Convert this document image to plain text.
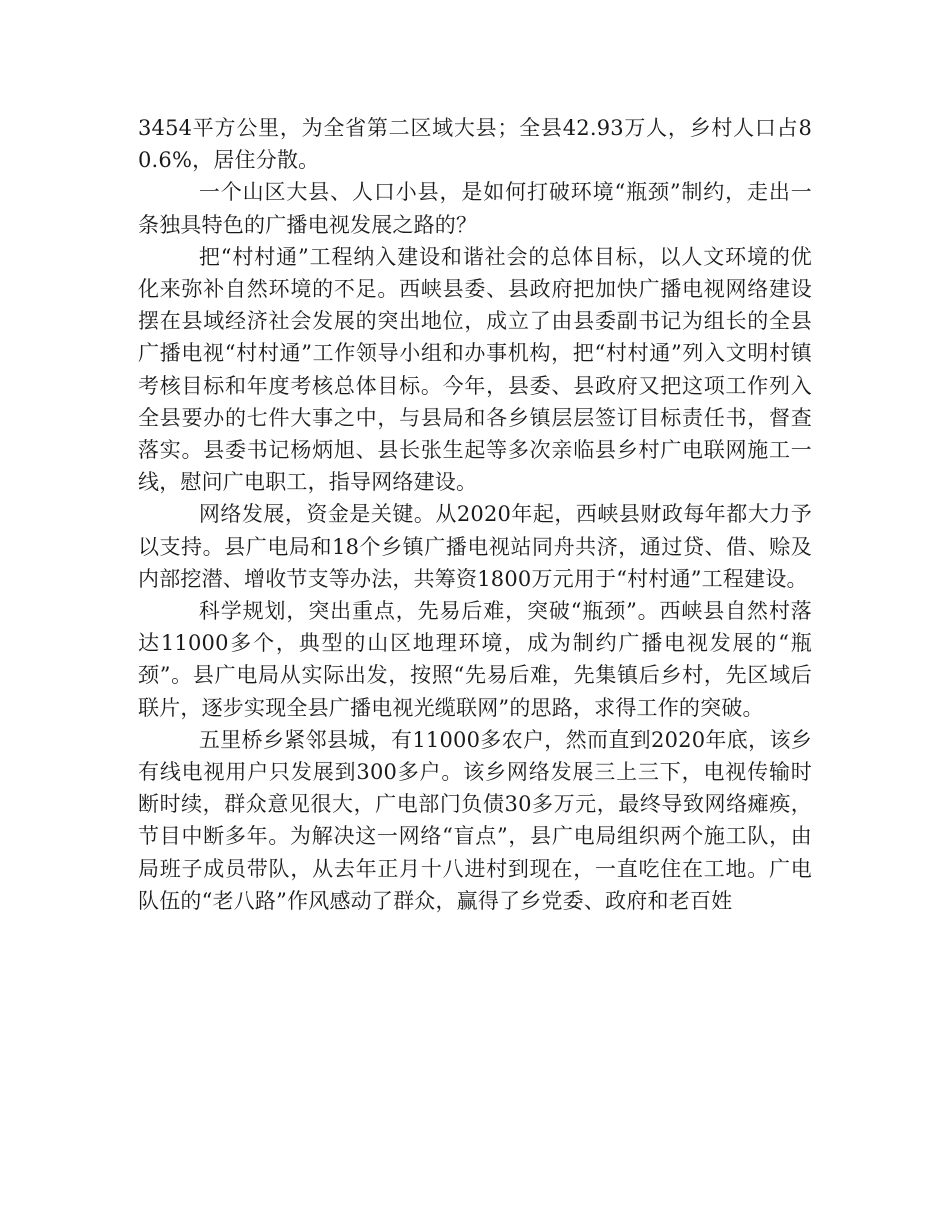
3454平方公里，为全省第二区域大县；全县42.93万人，乡村人口占80.6%，居住分散。

一个山区大县、人口小县，是如何打破环境“瓶颈”制约，走出一条独具特色的广播电视发展之路的？

把“村村通”工程纳入建设和谐社会的总体目标，以人文环境的优化来弥补自然环境的不足。西峡县委、县政府把加快广播电视网络建设摆在县域经济社会发展的突出地位，成立了由县委副书记为组长的全县广播电视“村村通”工作领导小组和办事机构，把“村村通”列入文明村镇考核目标和年度考核总体目标。今年，县委、县政府又把这项工作列入全县要办的七件大事之中，与县局和各乡镇层层签订目标责任书，督查落实。县委书记杨炳旭、县长张生起等多次亲临县乡村广电联网施工一线，慰问广电职工，指导网络建设。

网络发展，资金是关键。从2020年起，西峡县财政每年都大力予以支持。县广电局和18个乡镇广播电视站同舟共济，通过贷、借、赊及内部挖潜、增收节支等办法，共筹资1800万元用于“村村通”工程建设。

科学规划，突出重点，先易后难，突破“瓶颈”。西峡县自然村落达11000多个，典型的山区地理环境，成为制约广播电视发展的“瓶颈”。县广电局从实际出发，按照“先易后难，先集镇后乡村，先区域后联片，逐步实现全县广播电视光缆联网”的思路，求得工作的突破。

五里桥乡紧邻县城，有11000多农户，然而直到2020年底，该乡有线电视用户只发展到300多户。该乡网络发展三上三下，电视传输时断时续，群众意见很大，广电部门负债30多万元，最终导致网络瘫痪，节目中断多年。为解决这一网络“盲点”，县广电局组织两个施工队，由局班子成员带队，从去年正月十八进村到现在，一直吃住在工地。广电队伍的“老八路”作风感动了群众，赢得了乡党委、政府和老百姓
